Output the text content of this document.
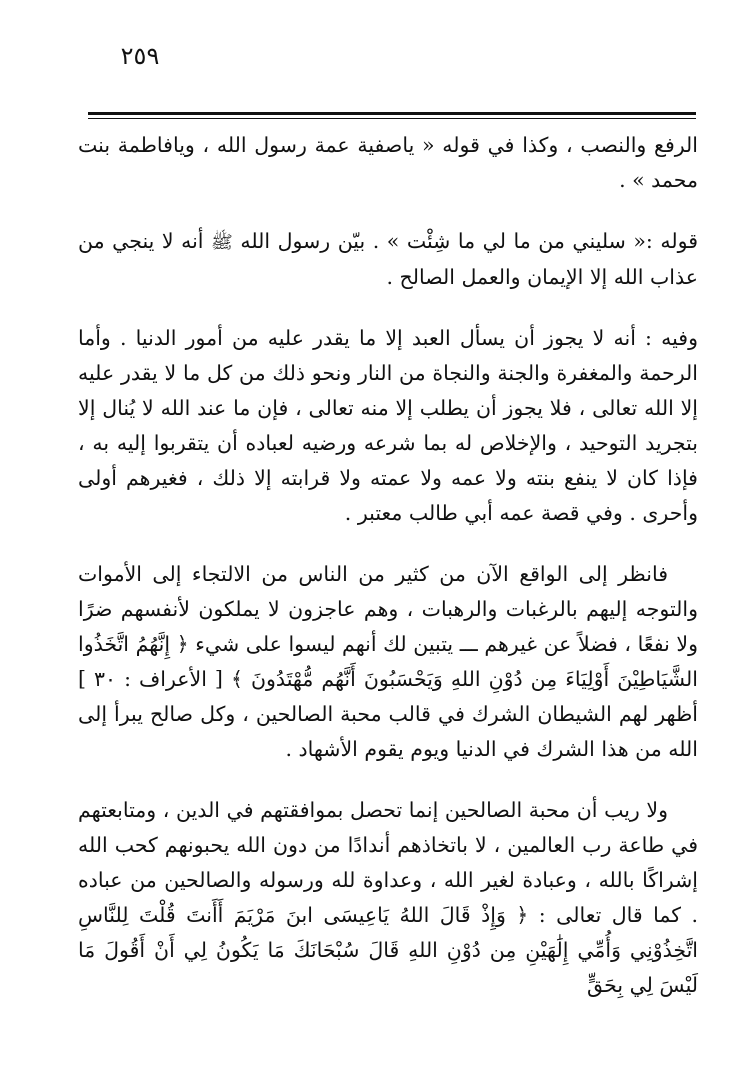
٢٥٩

الرفع والنصب ، وكذا في قوله « ياصفية عمة رسول الله ، ويافاطمة بنت محمد » .

قوله :« سليني من ما لي ما شِئْت » . بيّن رسول الله ﷺ أنه لا ينجي من عذاب الله إلا الإيمان والعمل الصالح .

وفيه : أنه لا يجوز أن يسأل العبد إلا ما يقدر عليه من أمور الدنيا . وأما الرحمة والمغفرة والجنة والنجاة من النار ونحو ذلك من كل ما لا يقدر عليه إلا الله تعالى ، فلا يجوز أن يطلب إلا منه تعالى ، فإن ما عند الله لا يُنال إلا بتجريد التوحيد ، والإخلاص له بما شرعه ورضيه لعباده أن يتقربوا إليه به ، فإذا كان لا ينفع بنته ولا عمه ولا عمته ولا قرابته إلا ذلك ، فغيرهم أولى وأحرى . وفي قصة عمه أبي طالب معتبر .

فانظر إلى الواقع الآن من كثير من الناس من الالتجاء إلى الأموات والتوجه إليهم بالرغبات والرهبات ، وهم عاجزون لا يملكون لأنفسهم ضرًا ولا نفعًا ، فضلاً عن غيرهم ـــ يتبين لك أنهم ليسوا على شيء ﴿ إِنَّهُمُ اتَّخَذُوا الشَّيَاطِيْنَ أَوْلِيَاءَ مِن دُوْنِ اللهِ وَيَحْسَبُونَ أَنَّهُم مُّهْتَدُونَ ﴾ [ الأعراف : ٣٠ ] أظهر لهم الشيطان الشرك في قالب محبة الصالحين ، وكل صالح يبرأ إلى الله من هذا الشرك في الدنيا ويوم يقوم الأشهاد .

ولا ريب أن محبة الصالحين إنما تحصل بموافقتهم في الدين ، ومتابعتهم في طاعة رب العالمين ، لا باتخاذهم أندادًا من دون الله يحبونهم كحب الله إشراكًا بالله ، وعبادة لغير الله ، وعداوة لله ورسوله والصالحين من عباده . كما قال تعالى : ﴿ وَإِذْ قَالَ اللهُ يَاعِيسَى ابنَ مَرْيَمَ أَأَنتَ قُلْتَ لِلنَّاسِ اتَّخِذُوْنِي وَأُمِّي إِلَٰهَيْنِ مِن دُوْنِ اللهِ قَالَ سُبْحَانَكَ مَا يَكُونُ لِي أَنْ أَقُولَ مَا لَيْسَ لِي بِحَقٍّ
